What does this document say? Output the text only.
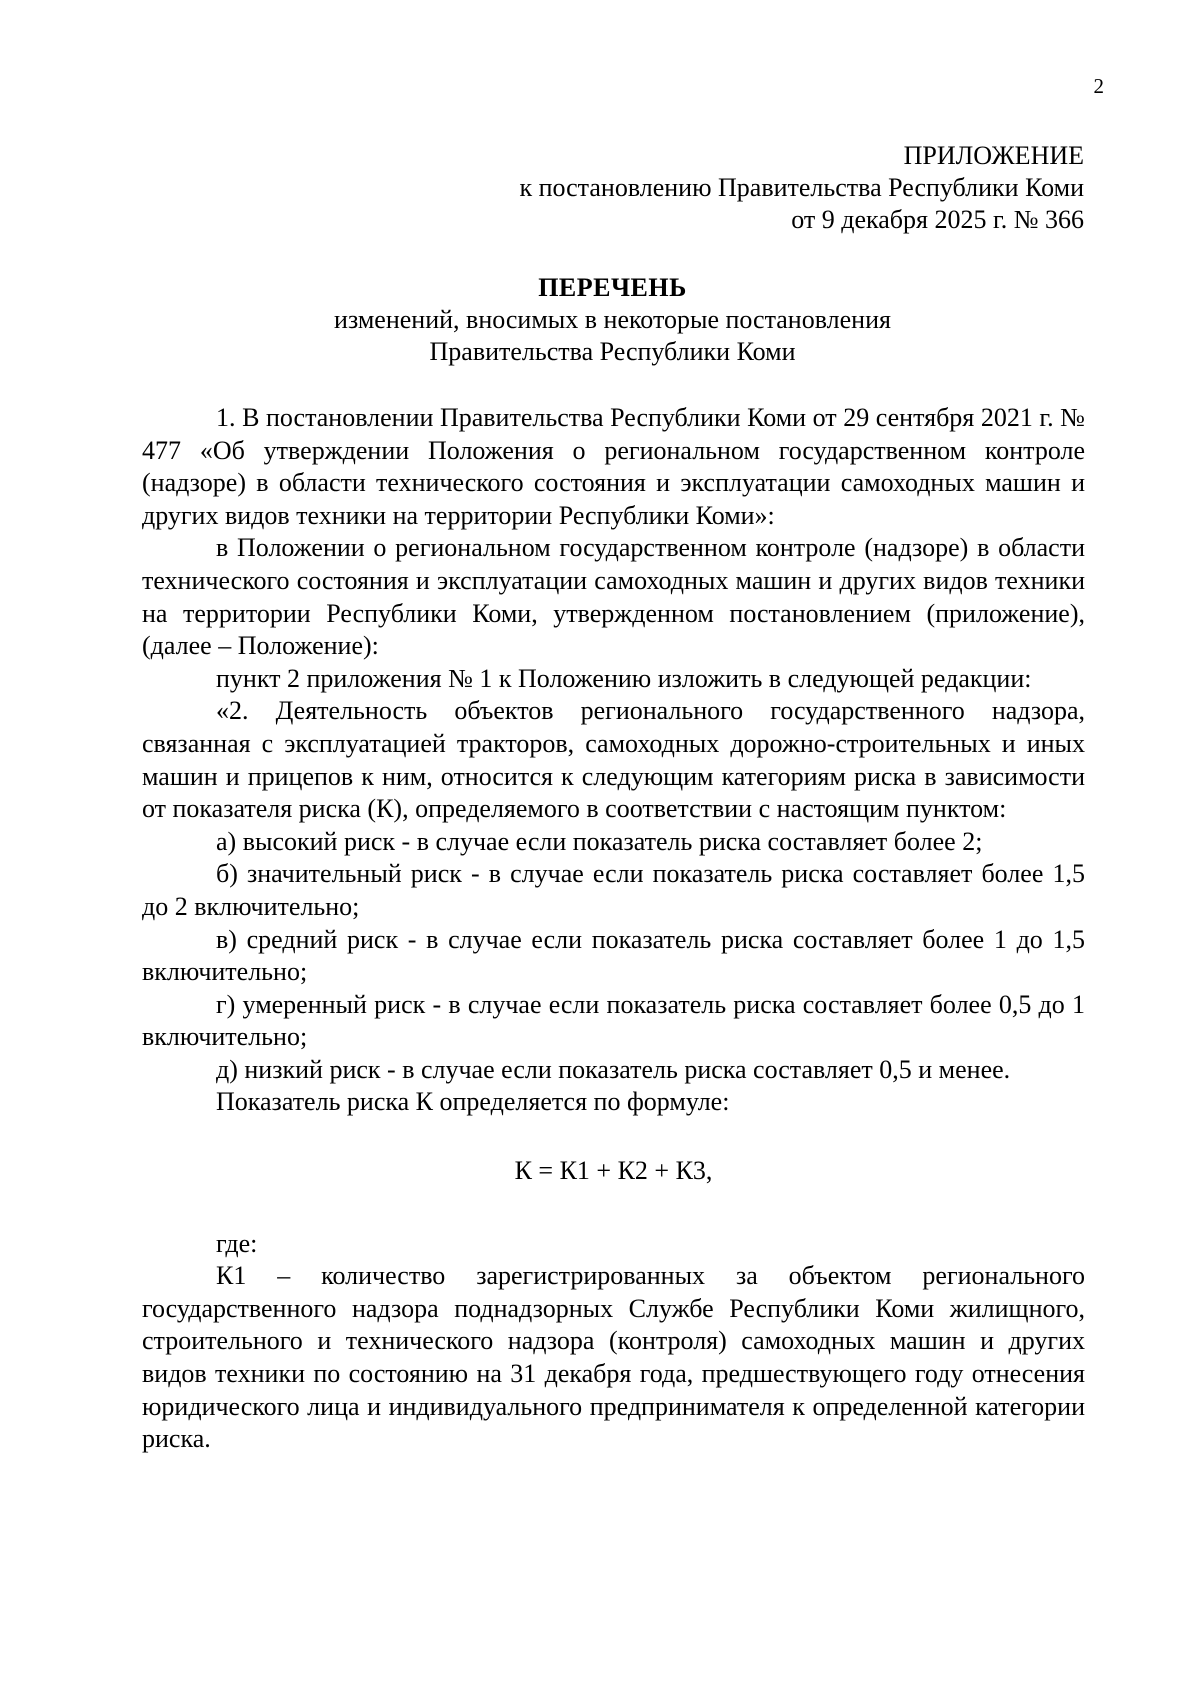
2
ПРИЛОЖЕНИЕ
к постановлению Правительства Республики Коми
от 9 декабря 2025 г. № 366
ПЕРЕЧЕНЬ
изменений, вносимых в некоторые постановления
Правительства Республики Коми

1. В постановлении Правительства Республики Коми от 29 сентября 2021 г. № 477 «Об утверждении Положения о региональном государственном контроле (надзоре) в области технического состояния и эксплуатации самоходных машин и других видов техники на территории Республики Коми»:

в Положении о региональном государственном контроле (надзоре) в области технического состояния и эксплуатации самоходных машин и других видов техники на территории Республики Коми, утвержденном постановлением (приложение), (далее – Положение):

пункт 2 приложения № 1 к Положению изложить в следующей редакции:

«2. Деятельность объектов регионального государственного надзора, связанная с эксплуатацией тракторов, самоходных дорожно-строительных и иных машин и прицепов к ним, относится к следующим категориям риска в зависимости от показателя риска (К), определяемого в соответствии с настоящим пунктом:

а) высокий риск - в случае если показатель риска составляет более 2;

б) значительный риск - в случае если показатель риска составляет более 1,5 до 2 включительно;

в) средний риск - в случае если показатель риска составляет более 1 до 1,5 включительно;

г) умеренный риск - в случае если показатель риска составляет более 0,5 до 1 включительно;

д) низкий риск - в случае если показатель риска составляет 0,5 и менее.

Показатель риска К определяется по формуле:

К = К1 + К2 + К3,

где:

К1 – количество зарегистрированных за объектом регионального государственного надзора поднадзорных Службе Республики Коми жилищного, строительного и технического надзора (контроля) самоходных машин и других видов техники по состоянию на 31 декабря года, предшествующего году отнесения юридического лица и индивидуального предпринимателя к определенной категории риска.
